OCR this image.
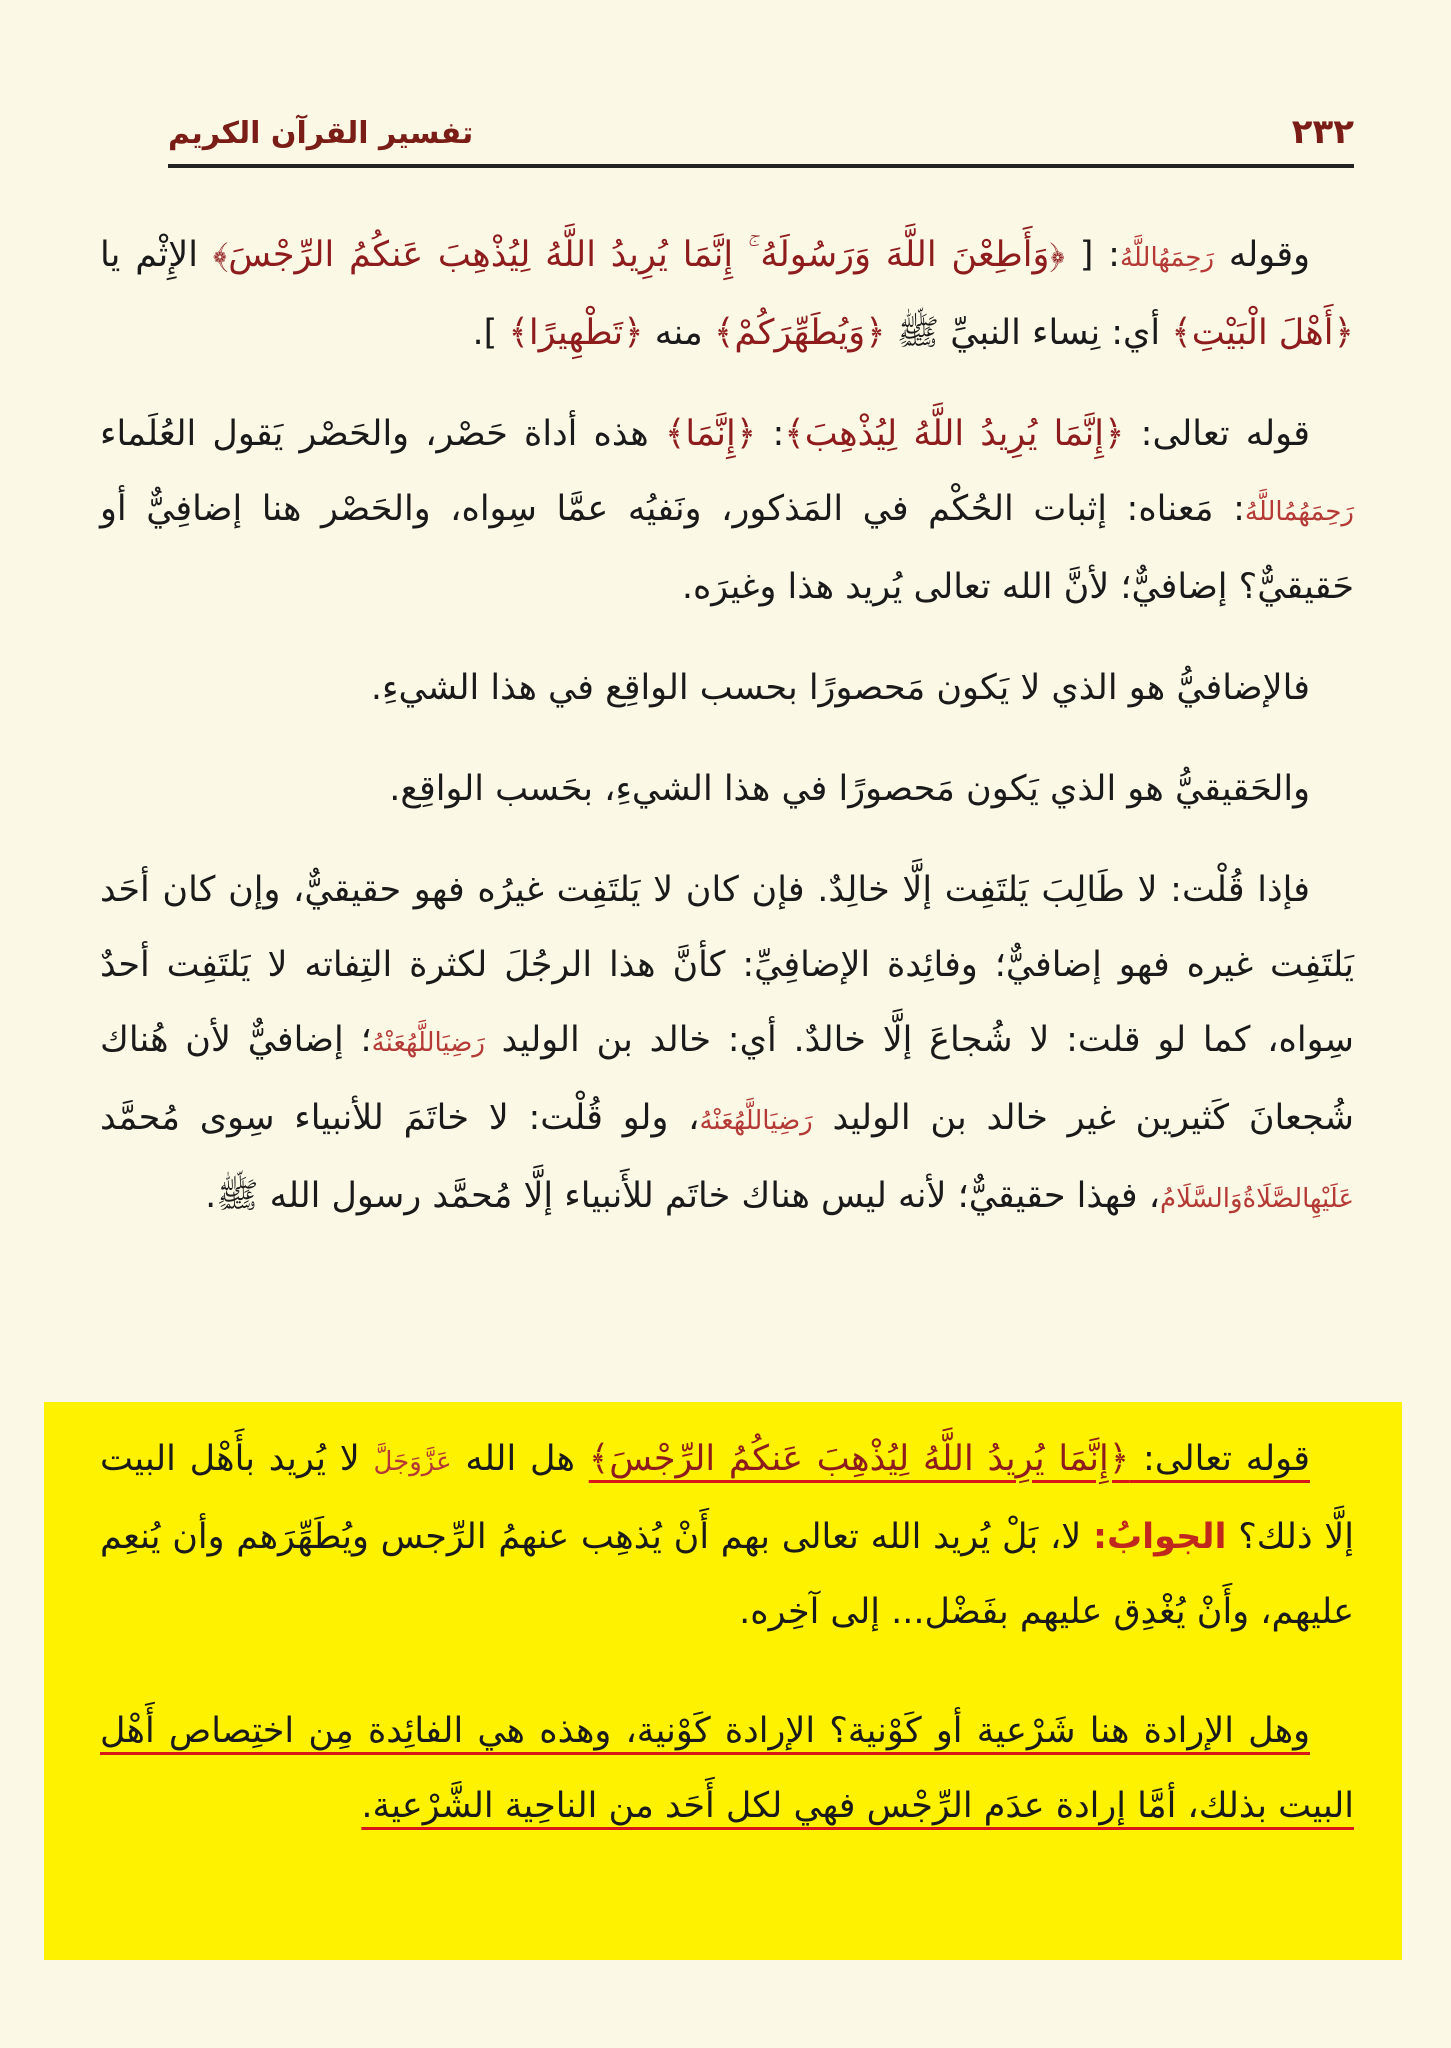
٢٣٢
تفسير القرآن الكريم

وقوله رَحِمَهُاللَّهُ: [ ﴿وَأَطِعْنَ اللَّهَ وَرَسُولَهُ ۚ إِنَّمَا يُرِيدُ اللَّهُ لِيُذْهِبَ عَنكُمُ الرِّجْسَ﴾ الإِثْم يا ﴿أَهْلَ الْبَيْتِ﴾ أي: نِساء النبيِّ ﷺ ﴿وَيُطَهِّرَكُمْ﴾ منه ﴿تَطْهِيرًا﴾ ].

قوله تعالى: ﴿إِنَّمَا يُرِيدُ اللَّهُ لِيُذْهِبَ﴾: ﴿إِنَّمَا﴾ هذه أداة حَصْر، والحَصْر يَقول العُلَماء رَحِمَهُمُاللَّهُ: مَعناه: إثبات الحُكْم في المَذكور، ونَفيُه عمَّا سِواه، والحَصْر هنا إضافِيٌّ أو حَقيقيٌّ؟ إضافيٌّ؛ لأنَّ الله تعالى يُريد هذا وغيرَه.

فالإضافيُّ هو الذي لا يَكون مَحصورًا بحسب الواقِع في هذا الشيءِ.

والحَقيقيُّ هو الذي يَكون مَحصورًا في هذا الشيءِ، بحَسب الواقِع.

فإذا قُلْت: لا طَالِبَ يَلتَفِت إلَّا خالِدٌ. فإن كان لا يَلتَفِت غيرُه فهو حقيقيٌّ، وإن كان أحَد يَلتَفِت غيره فهو إضافيٌّ؛ وفائِدة الإضافِيِّ: كأنَّ هذا الرجُلَ لكثرة التِفاته لا يَلتَفِت أحدٌ سِواه، كما لو قلت: لا شُجاعَ إلَّا خالدٌ. أي: خالد بن الوليد رَضِيَاللَّهُعَنْهُ؛ إضافيٌّ لأن هُناك شُجعانَ كَثيرين غير خالد بن الوليد رَضِيَاللَّهُعَنْهُ، ولو قُلْت: لا خاتَمَ للأنبياء سِوى مُحمَّد عَلَيْهِالصَّلَاةُوَالسَّلَامُ، فهذا حقيقيٌّ؛ لأنه ليس هناك خاتَم للأَنبياء إلَّا مُحمَّد رسول الله ﷺ.

قوله تعالى: ﴿إِنَّمَا يُرِيدُ اللَّهُ لِيُذْهِبَ عَنكُمُ الرِّجْسَ﴾ هل الله عَزَّوَجَلَّ لا يُريد بأَهْل البيت إلَّا ذلك؟ الجوابُ: لا، بَلْ يُريد الله تعالى بهم أَنْ يُذهِب عنهمُ الرِّجس ويُطَهِّرَهم وأن يُنعِم عليهم، وأَنْ يُغْدِق عليهم بفَضْل... إلى آخِره.

وهل الإرادة هنا شَرْعية أو كَوْنية؟ الإرادة كَوْنية، وهذه هي الفائِدة مِن اختِصاص أَهْل البيت بذلك، أمَّا إرادة عدَم الرِّجْس فهي لكل أَحَد من الناحِية الشَّرْعية.
